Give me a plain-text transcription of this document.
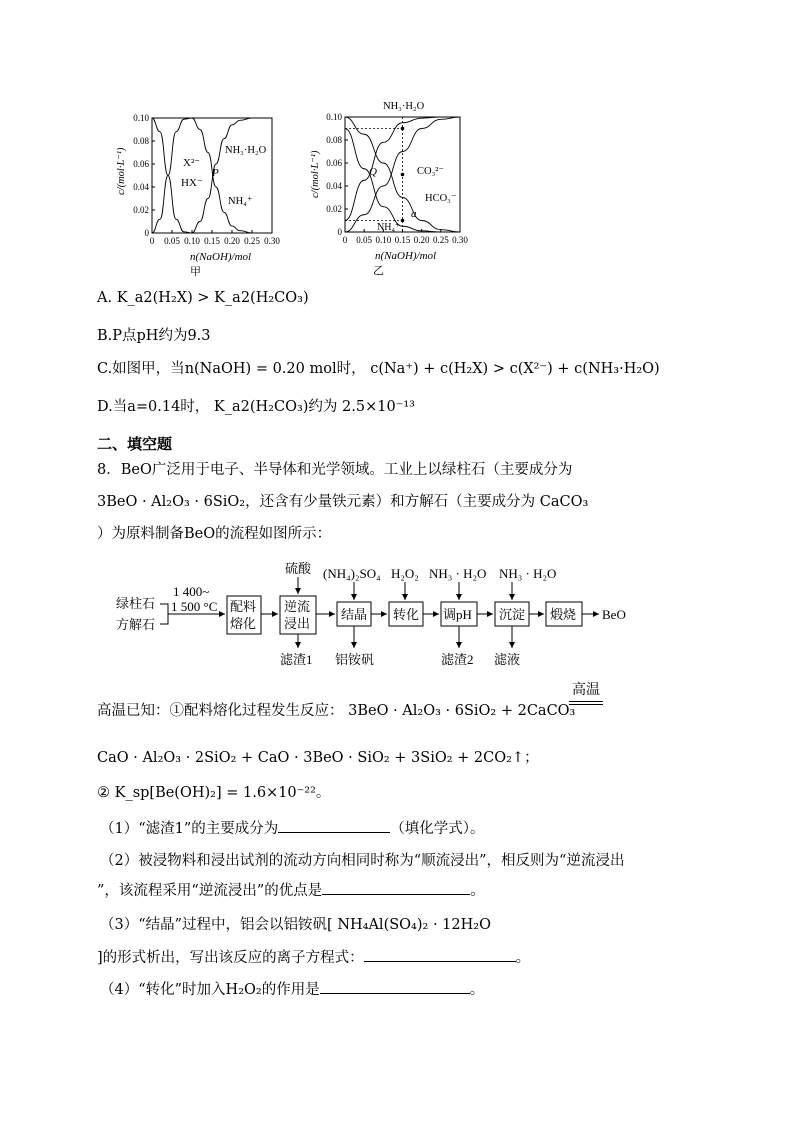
0 0.05 0.10 0.15 0.20 0.25 0.30
0
0.02
0.04
0.06
0.08
0.10
X²⁻
HX⁻
P
NH₃·H₂O
NH₄⁺
n(NaOH)/mol
甲
c/(mol·L⁻¹)
0 0.05 0.10 0.15 0.20 0.25 0.30
0
0.02
0.04
0.06
0.08
0.10
NH₃·H₂O
Q	CO₃²⁻
HCO₃⁻
a
NH₄⁺
n(NaOH)/mol
乙
c/(mol·L⁻¹)
A. K_a2(H₂X) > K_a2(H₂CO₃)
B.P点pH约为9.3
C.如图甲，当n(NaOH) = 0.20 mol时， c(Na⁺) + c(H₂X) > c(X²⁻) + c(NH₃·H₂O)
D.当a=0.14时， K_a2(H₂CO₃)约为 2.5×10⁻¹³
二、填空题
8．BeO广泛用于电子、半导体和光学领域。工业上以绿柱石（主要成分为
3BeO · Al₂O₃ · 6SiO₂，还含有少量铁元素）和方解石（主要成分为 CaCO₃
）为原料制备BeO的流程如图所示：
绿柱石
方解石
1 400~
1 500 °C 配料
熔化
逆流
浸出
硫酸
滤渣1
结晶
(NH₄)₂SO₄
铝铵矾
转化
H₂O₂
调pH
NH₃ · H₂O
滤渣2
沉淀
NH₃ · H₂O
滤液
煅烧 BeO
高温已知：①配料熔化过程发生反应： 3BeO · Al₂O₃ · 6SiO₂ + 2CaCO₃
高温
CaO · Al₂O₃ · 2SiO₂ + CaO · 3BeO · SiO₂ + 3SiO₂ + 2CO₂↑；
② K_sp[Be(OH)₂] = 1.6×10⁻²²。
（1）“滤渣1”的主要成分为	（填化学式）。
（2）被浸物料和浸出试剂的流动方向相同时称为“顺流浸出”，相反则为“逆流浸出
”，该流程采用“逆流浸出”的优点是	。
（3）“结晶”过程中，铝会以铝铵矾[ NH₄Al(SO₄)₂ · 12H₂O
]的形式析出，写出该反应的离子方程式：	。
（4）“转化”时加入H₂O₂的作用是	。
